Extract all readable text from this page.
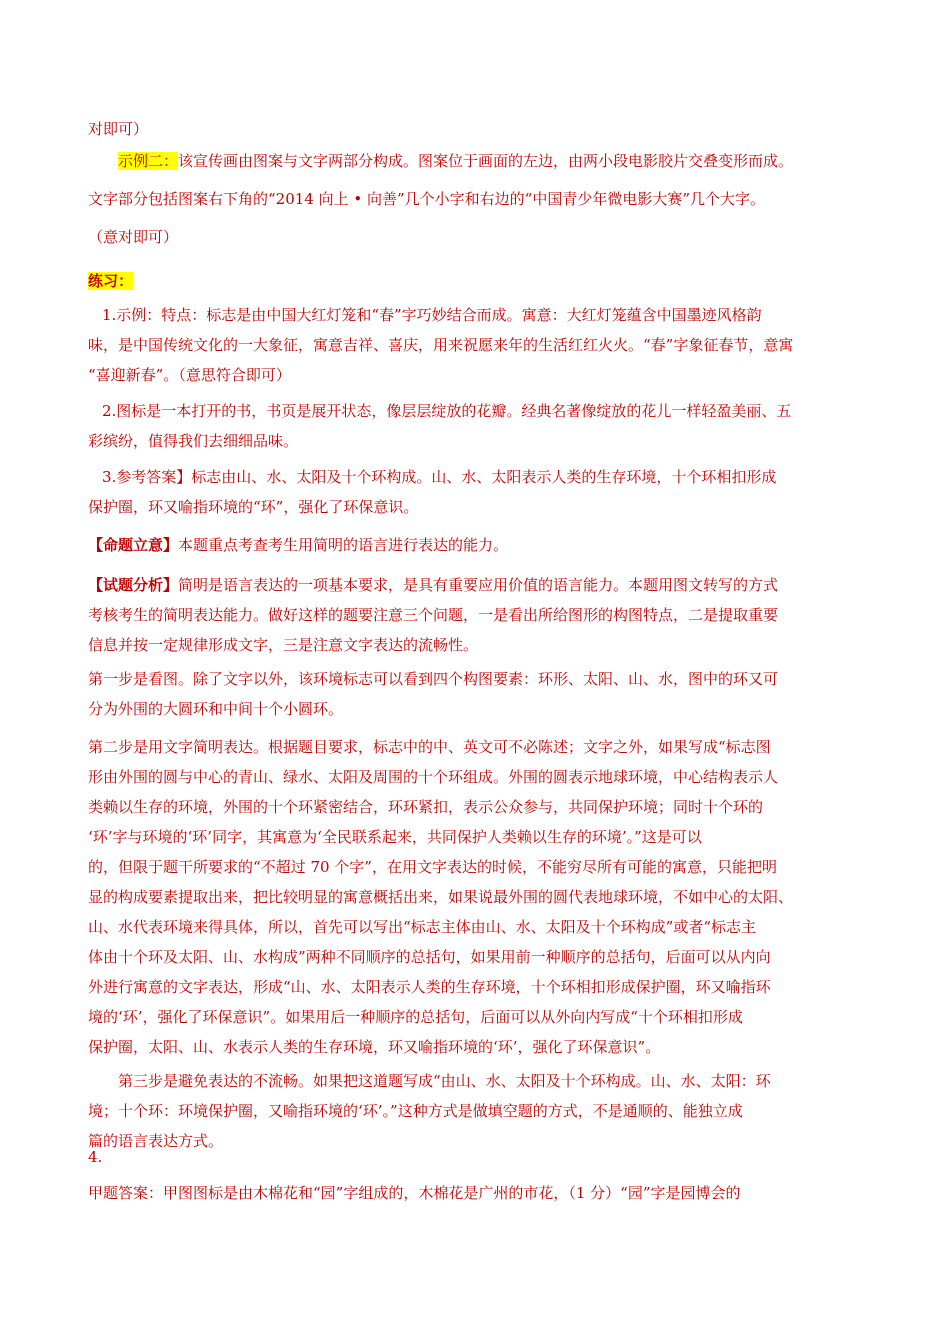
对即可）
示例二：该宣传画由图案与文字两部分构成。图案位于画面的左边，由两小段电影胶片交叠变形而成。
文字部分包括图案右下角的“2014 向上 • 向善”几个小字和右边的“中国青少年微电影大赛”几个大字。
（意对即可）
练习：
1.示例：特点：标志是由中国大红灯笼和“春”字巧妙结合而成。寓意：大红灯笼蕴含中国墨迹风格韵
味，是中国传统文化的一大象征，寓意吉祥、喜庆，用来祝愿来年的生活红红火火。“春”字象征春节，意寓
“喜迎新春”。（意思符合即可）
2.图标是一本打开的书，书页是展开状态，像层层绽放的花瓣。经典名著像绽放的花儿一样轻盈美丽、五
彩缤纷，值得我们去细细品味。
3.参考答案】标志由山、水、太阳及十个环构成。山、水、太阳表示人类的生存环境，十个环相扣形成
保护圈，环又喻指环境的“环”，强化了环保意识。
【命题立意】本题重点考查考生用简明的语言进行表达的能力。
【试题分析】简明是语言表达的一项基本要求，是具有重要应用价值的语言能力。本题用图文转写的方式
考核考生的简明表达能力。做好这样的题要注意三个问题，一是看出所给图形的构图特点，二是提取重要
信息并按一定规律形成文字，三是注意文字表达的流畅性。
第一步是看图。除了文字以外，该环境标志可以看到四个构图要素：环形、太阳、山、水，图中的环又可
分为外围的大圆环和中间十个小圆环。
第二步是用文字简明表达。根据题目要求，标志中的中、英文可不必陈述；文字之外，如果写成“标志图
形由外围的圆与中心的青山、绿水、太阳及周围的十个环组成。外围的圆表示地球环境，中心结构表示人
类赖以生存的环境，外围的十个环紧密结合，环环紧扣，表示公众参与，共同保护环境；同时十个环的
‘环’字与环境的‘环’同字，其寓意为‘全民联系起来，共同保护人类赖以生存的环境’。”这是可以
的，但限于题干所要求的“不超过 70 个字”，在用文字表达的时候，不能穷尽所有可能的寓意，只能把明
显的构成要素提取出来，把比较明显的寓意概括出来，如果说最外围的圆代表地球环境，不如中心的太阳、
山、水代表环境来得具体，所以，首先可以写出“标志主体由山、水、太阳及十个环构成”或者“标志主
体由十个环及太阳、山、水构成”两种不同顺序的总括句，如果用前一种顺序的总括句，后面可以从内向
外进行寓意的文字表达，形成“山、水、太阳表示人类的生存环境，十个环相扣形成保护圈，环又喻指环
境的‘环’，强化了环保意识”。如果用后一种顺序的总括句，后面可以从外向内写成“十个环相扣形成
保护圈，太阳、山、水表示人类的生存环境，环又喻指环境的‘环’，强化了环保意识”。
第三步是避免表达的不流畅。如果把这道题写成“由山、水、太阳及十个环构成。山、水、太阳：环
境；十个环：环境保护圈，又喻指环境的‘环’。”这种方式是做填空题的方式，不是通顺的、能独立成
篇的语言表达方式。
4.
甲题答案：甲图图标是由木棉花和“园”字组成的，木棉花是广州的市花，（1 分）“园”字是园博会的
